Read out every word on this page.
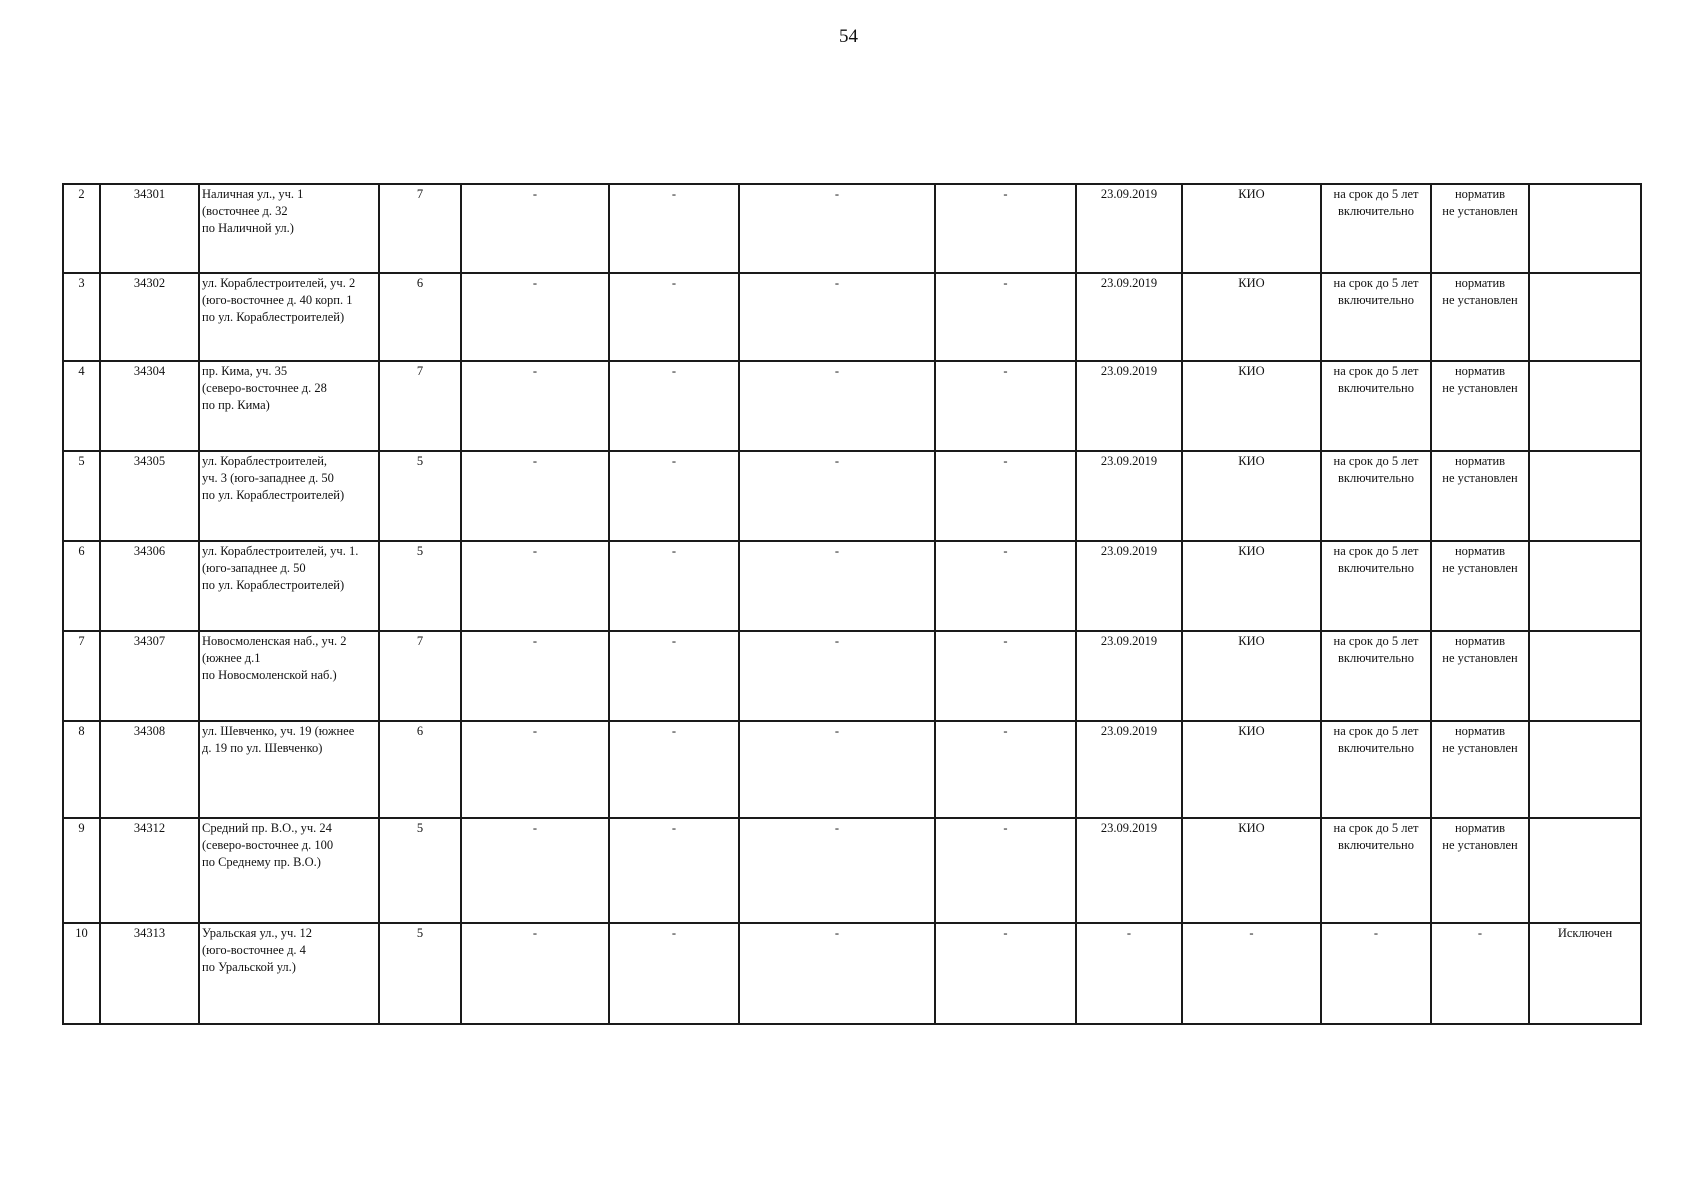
54
2	34301	Наличная ул., уч. 1
(восточнее д. 32
по Наличной ул.)	7	-	-	-	-	23.09.2019	КИО	на срок до 5 лет
включительно	норматив
не установлен	

3	34302	ул. Кораблестроителей, уч. 2
(юго-восточнее д. 40 корп. 1
по ул. Кораблестроителей)	6	-	-	-	-	23.09.2019	КИО	на срок до 5 лет
включительно	норматив
не установлен	

4	34304	пр. Кима, уч. 35
(северо-восточнее д. 28
по пр. Кима)	7	-	-	-	-	23.09.2019	КИО	на срок до 5 лет
включительно	норматив
не установлен	

5	34305	ул. Кораблестроителей,
уч. 3 (юго-западнее д. 50
по ул. Кораблестроителей)	5	-	-	-	-	23.09.2019	КИО	на срок до 5 лет
включительно	норматив
не установлен	

6	34306	ул. Кораблестроителей, уч. 1.
(юго-западнее д. 50
по ул. Кораблестроителей)	5	-	-	-	-	23.09.2019	КИО	на срок до 5 лет
включительно	норматив
не установлен	

7	34307	Новосмоленская наб., уч. 2
(южнее д.1
по Новосмоленской наб.)	7	-	-	-	-	23.09.2019	КИО	на срок до 5 лет
включительно	норматив
не установлен	

8	34308	ул. Шевченко, уч. 19 (южнее
д. 19 по ул. Шевченко)	6	-	-	-	-	23.09.2019	КИО	на срок до 5 лет
включительно	норматив
не установлен	

9	34312	Средний пр. В.О., уч. 24
(северо-восточнее д. 100
по Среднему пр. В.О.)	5	-	-	-	-	23.09.2019	КИО	на срок до 5 лет
включительно	норматив
не установлен	

10	34313	Уральская ул., уч. 12
(юго-восточнее д. 4
по Уральской ул.)	5	-	-	-	-	-	-	-	-	Исключен
